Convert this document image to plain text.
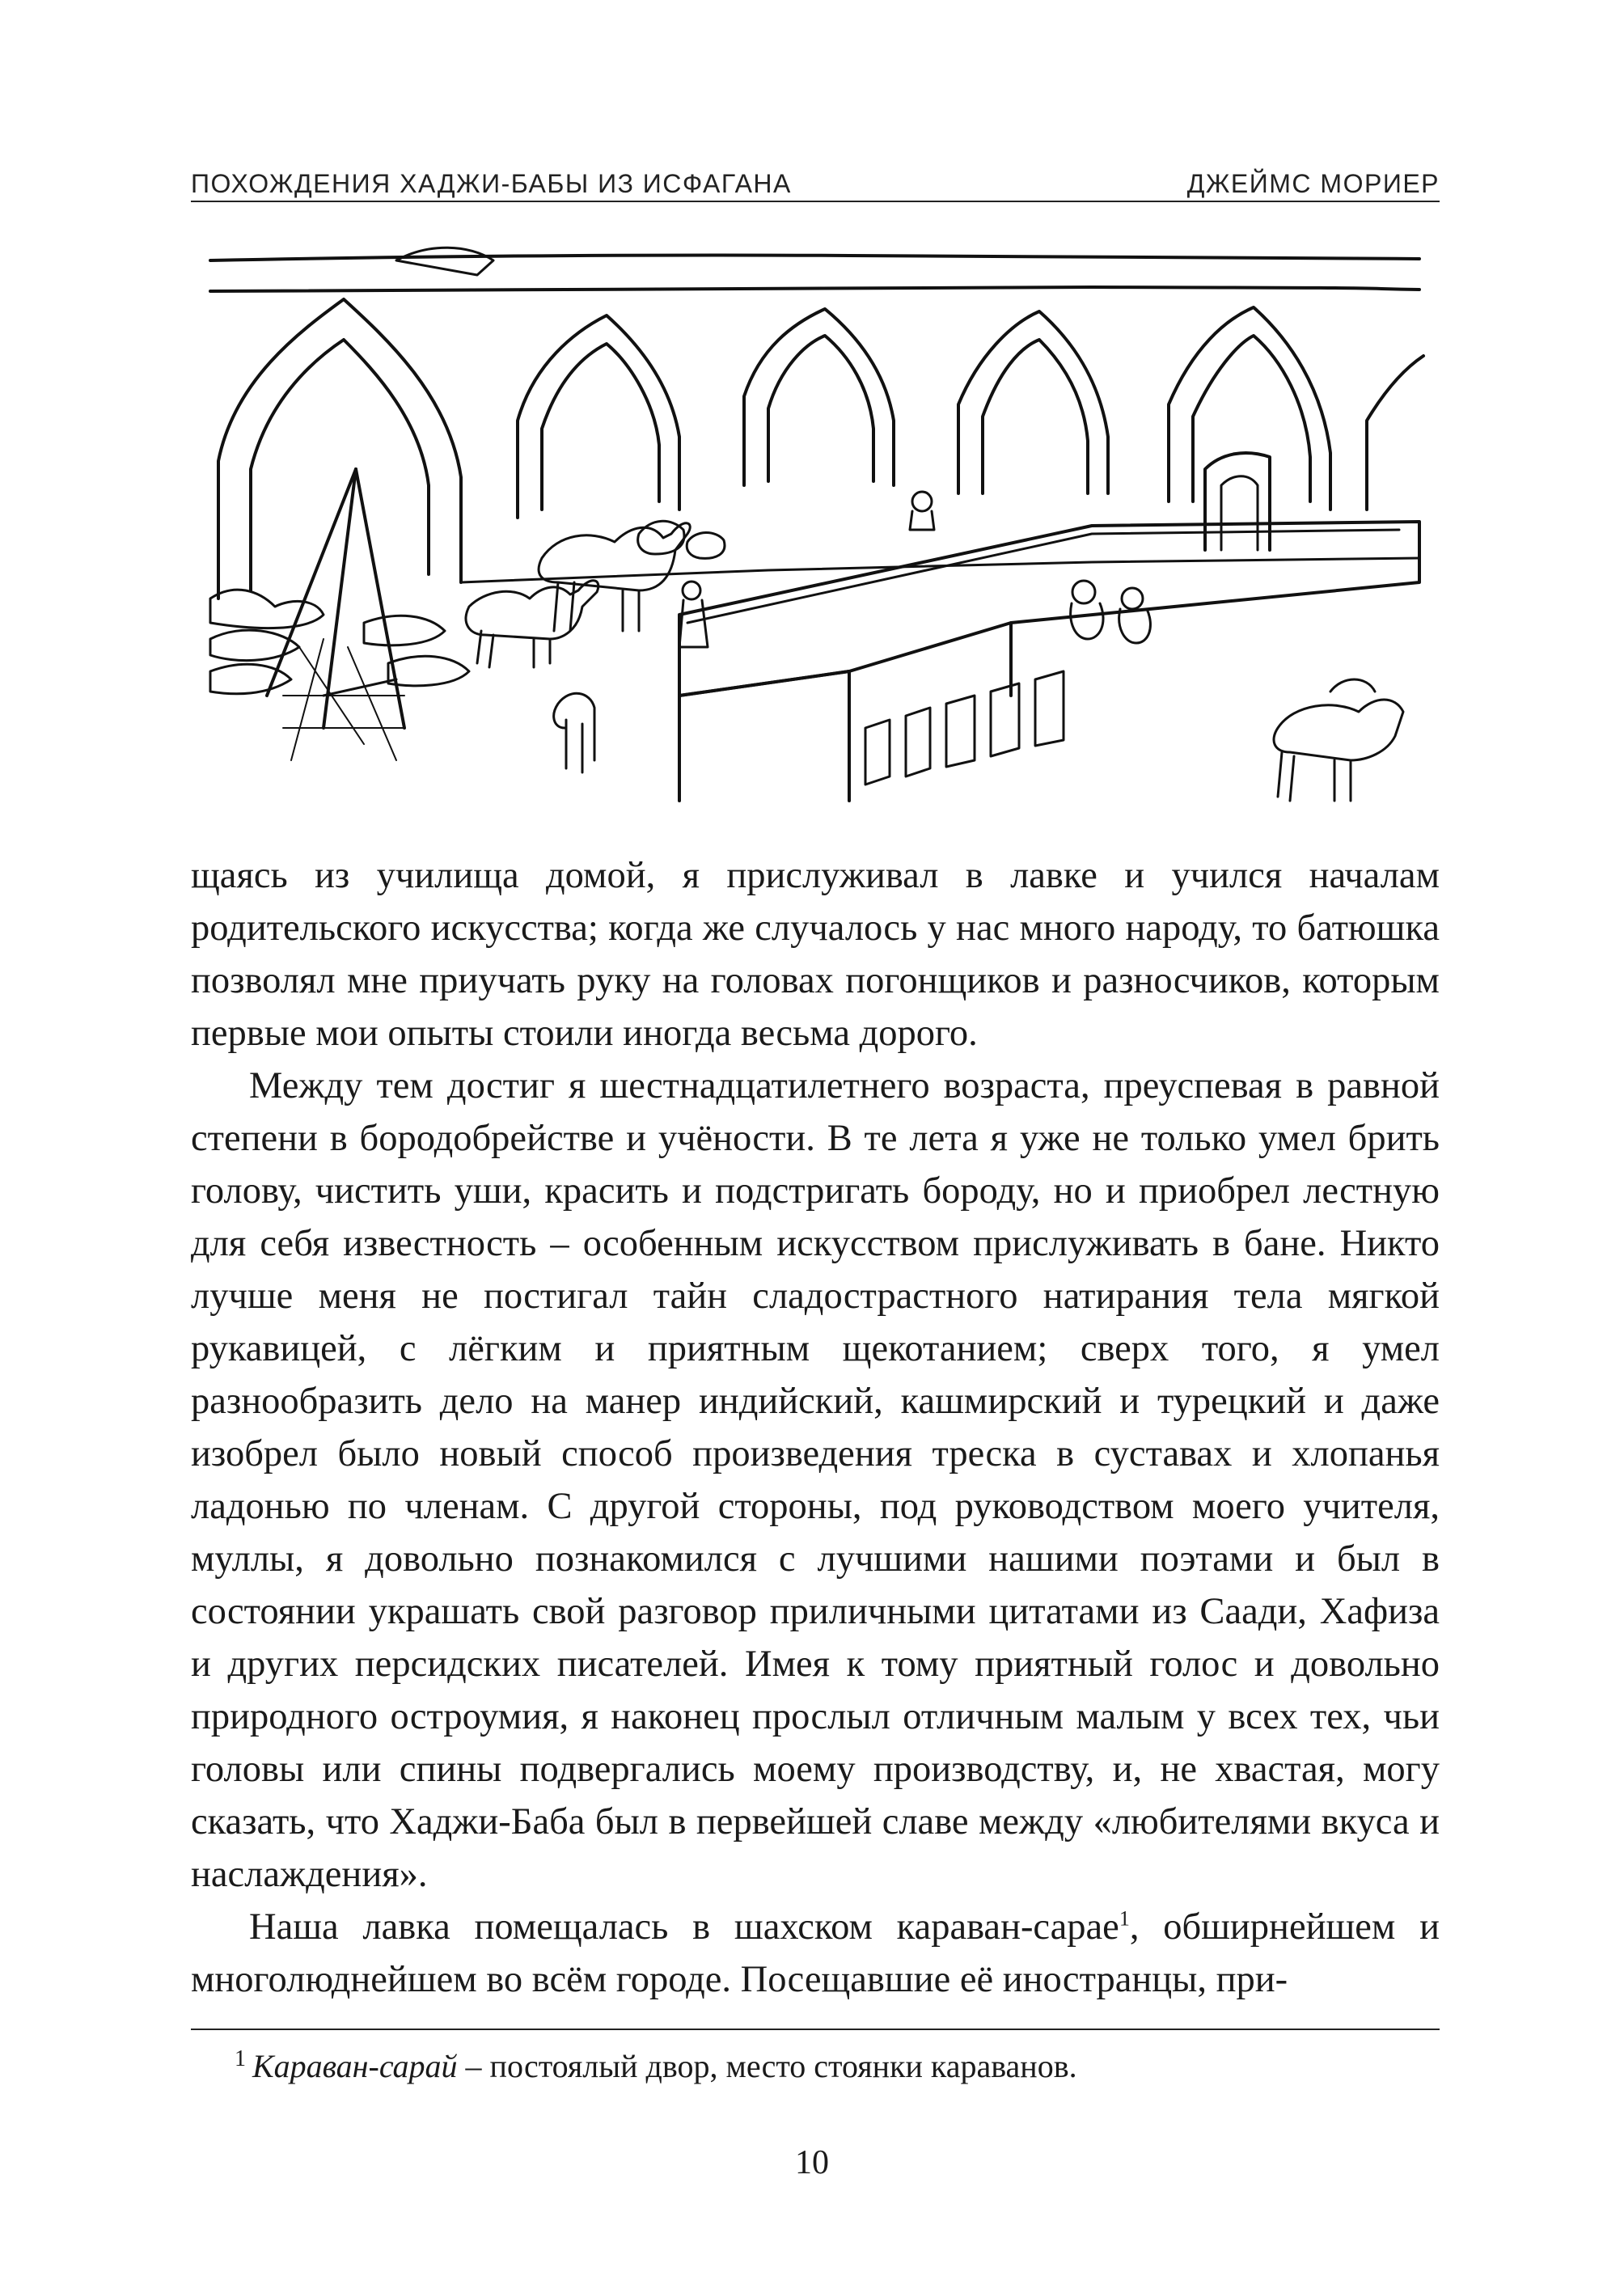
ПОХОЖДЕНИЯ ХАДЖИ-БАБЫ ИЗ ИСФАГАНА	ДЖЕЙМС МОРИЕР

щаясь из училища домой, я прислуживал в лавке и учился началам родительского искусства; когда же случалось у нас много народу, то батюшка позволял мне приучать руку на головах погонщиков и разносчиков, которым первые мои опыты стоили иногда весьма дорого.

Между тем достиг я шестнадцатилетнего возраста, преуспевая в равной степени в бородобрействе и учёности. В те лета я уже не только умел брить голову, чистить уши, красить и подстригать бороду, но и приобрел лестную для себя известность – особенным искусством прислуживать в бане. Никто лучше меня не постигал тайн сладострастного натирания тела мягкой рукавицей, с лёгким и приятным щекотанием; сверх того, я умел разнообразить дело на манер индийский, кашмирский и турецкий и даже изобрел было новый способ произведения треска в суставах и хлопанья ладонью по членам. С другой стороны, под руководством моего учителя, муллы, я довольно познакомился с лучшими нашими поэтами и был в состоянии украшать свой разговор приличными цитатами из Саади, Хафиза и других персидских писателей. Имея к тому приятный голос и довольно природного остроумия, я наконец прослыл отличным малым у всех тех, чьи головы или спины подвергались моему производству, и, не хвастая, могу сказать, что Хаджи-Баба был в первейшей славе между «любителями вкуса и наслаждения».

Наша лавка помещалась в шахском караван-сарае$^1$, обширнейшем и многолюднейшем во всём городе. Посещавшие её иностранцы, при-

$^1$ Караван-сарай – постоялый двор, место стоянки караванов.
10
